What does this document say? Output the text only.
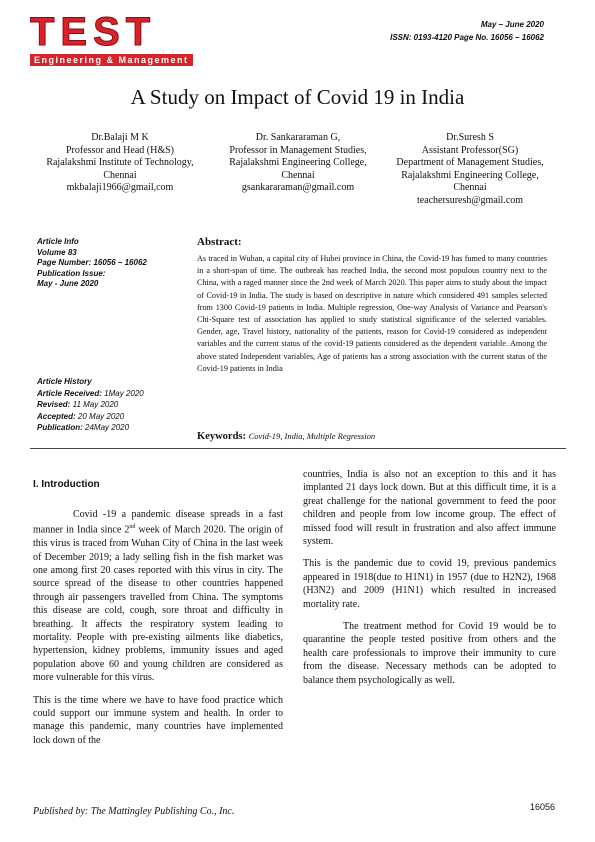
TEST
Engineering & Management
May – June 2020
ISSN: 0193-4120 Page No. 16056 – 16062
A Study on Impact of Covid 19 in India
Dr.Balaji M K
Professor and Head (H&S)
Rajalakshmi Institute of Technology,
Chennai
mkbalaji1966@gmail,com
Dr. Sankararaman G,
Professor in Management Studies,
Rajalakshmi Engineering College,
Chennai
gsankararaman@gmail.com
Dr.Suresh S
Assistant Professor(SG)
Department of Management Studies,
Rajalakshmi Engineering College,
Chennai
teachersuresh@gmail.com
Article Info
Volume 83
Page Number: 16056 – 16062
Publication Issue:
May - June 2020
Article History
Article Received: 1May 2020
Revised: 11 May 2020
Accepted: 20 May 2020
Publication: 24May 2020
Abstract:
As traced in Wuhan, a capital city of Hubei province in China, the Covid-19 has fumed to many countries in a short-span of time. The outbreak has reached India, the second most populous country next to the China, with a raged manner since the 2nd week of March 2020. This paper aims to study about the impact of Covid-19 in India. The study is based on descriptive in nature which considered 491 samples selected from 1300 Covid-19 patients in India. Multiple regression, One-way Analysis of Variance and Pearson's Chi-Square test of association has applied to study statistical significance of the selected variables. Gender, age, Travel history, nationality of the patients, reason for Covid-19 considered as independent variables and the current status of the covid-19 patients considered as the dependent variable. Among the above stated Independent variables, Age of patients has a strong association with the current status of the Covid-19 patients in India
Keywords: Covid-19, India, Multiple Regression
I. Introduction

Covid -19 a pandemic disease spreads in a fast manner in India since 2nd week of March 2020. The origin of this virus is traced from Wuhan City of China in the last week of December 2019; a lady selling fish in the fish market was one among first 20 cases reported with this virus in city. The source spread of the disease to other countries happened through air passengers travelled from China. The symptoms this disease are cold, cough, sore throat and difficulty in breathing. It affects the respiratory system leading to mortality. People with pre-existing ailments like diabetics, hypertension, kidney problems, immunity issues and aged population above 60 and young children are considered as more vulnerable for this virus.

This is the time where we have to have food practice which could support our immune system and health. In order to manage this pandemic, many countries have implemented lock down of the

countries, India is also not an exception to this and it has implanted 21 days lock down. But at this difficult time, it is a great challenge for the national government to feed the poor children and people from low income group. The effect of missed food will result in frustration and also affect immune system.

This is the pandemic due to covid 19, previous pandemics appeared in 1918(due to H1N1) in 1957 (due to H2N2), 1968 (H3N2) and 2009 (H1N1) which resulted in increased mortality rate.

The treatment method for Covid 19 would be to quarantine the people tested positive from others and the health care professionals to improve their immunity to cure from the disease. Necessary methods can be adopted to balance them psychologically as well.

Published by: The Mattingley Publishing Co., Inc.	16056
